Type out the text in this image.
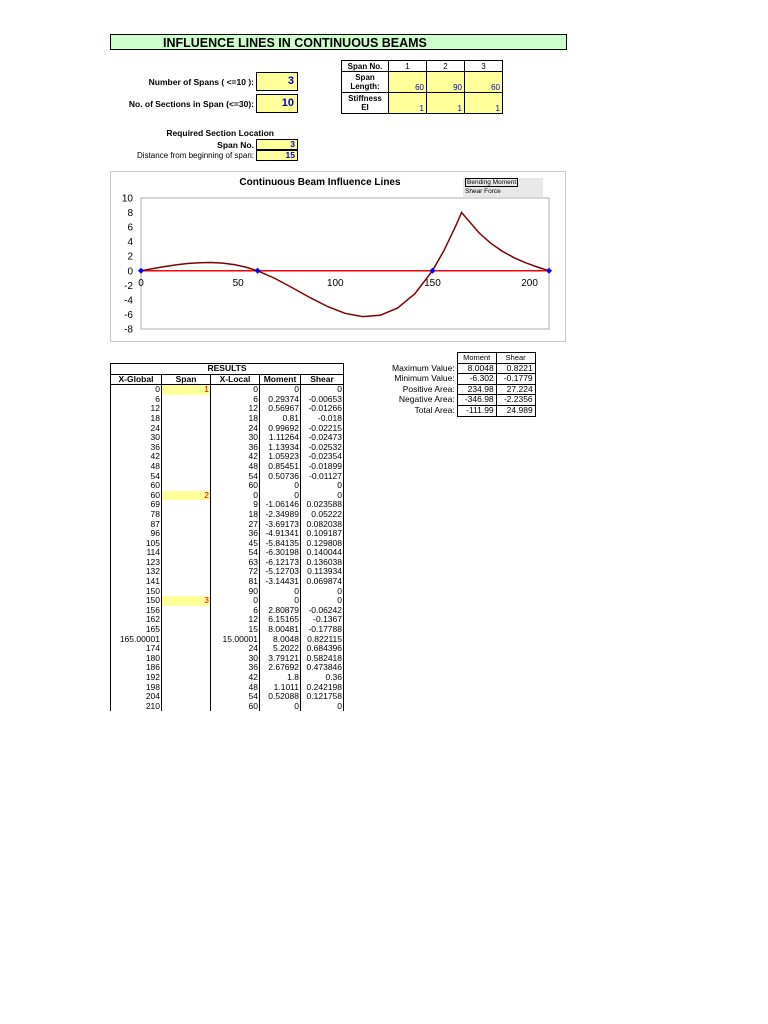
INFLUENCE LINES IN CONTINUOUS BEAMS
Number of Spans ( <=10 ):	3
No. of Sections in Span (<=30):	10
Span No.	1	2	3
Span Length:	60	90	60
Stiffness EI	1	1	1
Required Section Location
Span No.	3
Distance from beginning of span:	15
10
8
6
4
2
0
-2
-4
-6
-8
0	50	100	150	200
Continuous Beam Influence Lines	Bending Moment
Shear Force
	Moment	Shear
Maximum Value:	8.0048	0.8221
Minimum Value:	-6.302	-0.1779
Positive Area:	234.98	27.224
Negative Area:	-346.98	-2.2356
Total Area:	-111.99	24.989
RESULTS				
X-Global	Span	X-Local	Moment	Shear
0	1	0	0	0
6		6	0.29374	-0.00653
12		12	0.56967	-0.01266
18		18	0.81	-0.018
24		24	0.99692	-0.02215
30		30	1.11264	-0.02473
36		36	1.13934	-0.02532
42		42	1.05923	-0.02354
48		48	0.85451	-0.01899
54		54	0.50736	-0.01127
60		60	0	0
60	2	0	0	0
69		9	-1.06146	0.023588
78		18	-2.34989	0.05222
87		27	-3.69173	0.082038
96		36	-4.91341	0.109187
105		45	-5.84135	0.129808
114		54	-6.30198	0.140044
123		63	-6.12173	0.136038
132		72	-5.12703	0.113934
141		81	-3.14431	0.069874
150		90	0	0
150	3	0	0	0
156		6	2.80879	-0.06242
162		12	6.15165	-0.1367
165		15	8.00481	-0.17788
165.00001		15.00001	8.0048	0.822115
174		24	5.2022	0.684396
180		30	3.79121	0.582418
186		36	2.67692	0.473846
192		42	1.8	0.36
198		48	1.1011	0.242198
204		54	0.52088	0.121758
210		60	0	0
